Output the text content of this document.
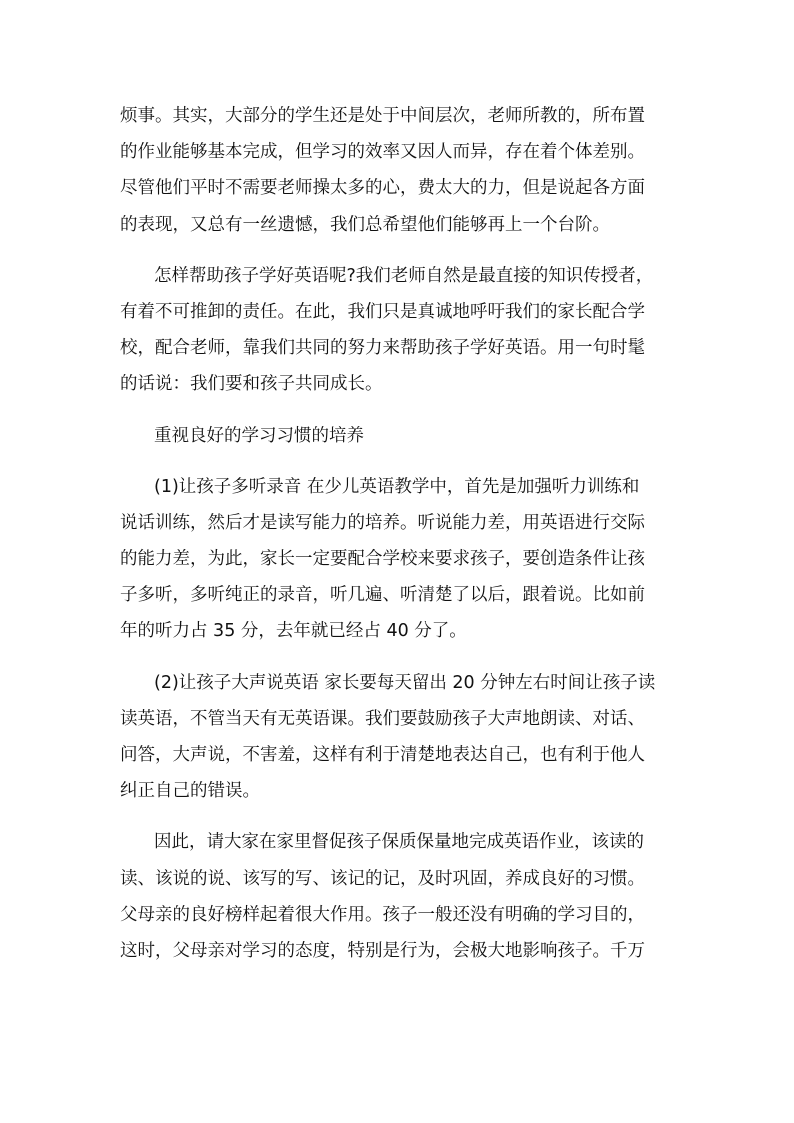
烦事。其实，大部分的学生还是处于中间层次，老师所教的，所布置
的作业能够基本完成，但学习的效率又因人而异，存在着个体差别。
尽管他们平时不需要老师操太多的心，费太大的力，但是说起各方面
的表现，又总有一丝遗憾，我们总希望他们能够再上一个台阶。
怎样帮助孩子学好英语呢?我们老师自然是最直接的知识传授者，
有着不可推卸的责任。在此，我们只是真诚地呼吁我们的家长配合学
校，配合老师，靠我们共同的努力来帮助孩子学好英语。用一句时髦
的话说：我们要和孩子共同成长。
重视良好的学习习惯的培养
(1)让孩子多听录音 在少儿英语教学中，首先是加强听力训练和
说话训练，然后才是读写能力的培养。听说能力差，用英语进行交际
的能力差，为此，家长一定要配合学校来要求孩子，要创造条件让孩
子多听，多听纯正的录音，听几遍、听清楚了以后，跟着说。比如前
年的听力占 35 分，去年就已经占 40 分了。
(2)让孩子大声说英语 家长要每天留出 20 分钟左右时间让孩子读
读英语，不管当天有无英语课。我们要鼓励孩子大声地朗读、对话、
问答，大声说，不害羞，这样有利于清楚地表达自己，也有利于他人
纠正自己的错误。
因此，请大家在家里督促孩子保质保量地完成英语作业，该读的
读、该说的说、该写的写、该记的记，及时巩固，养成良好的习惯。
父母亲的良好榜样起着很大作用。孩子一般还没有明确的学习目的，
这时，父母亲对学习的态度，特别是行为，会极大地影响孩子。千万
